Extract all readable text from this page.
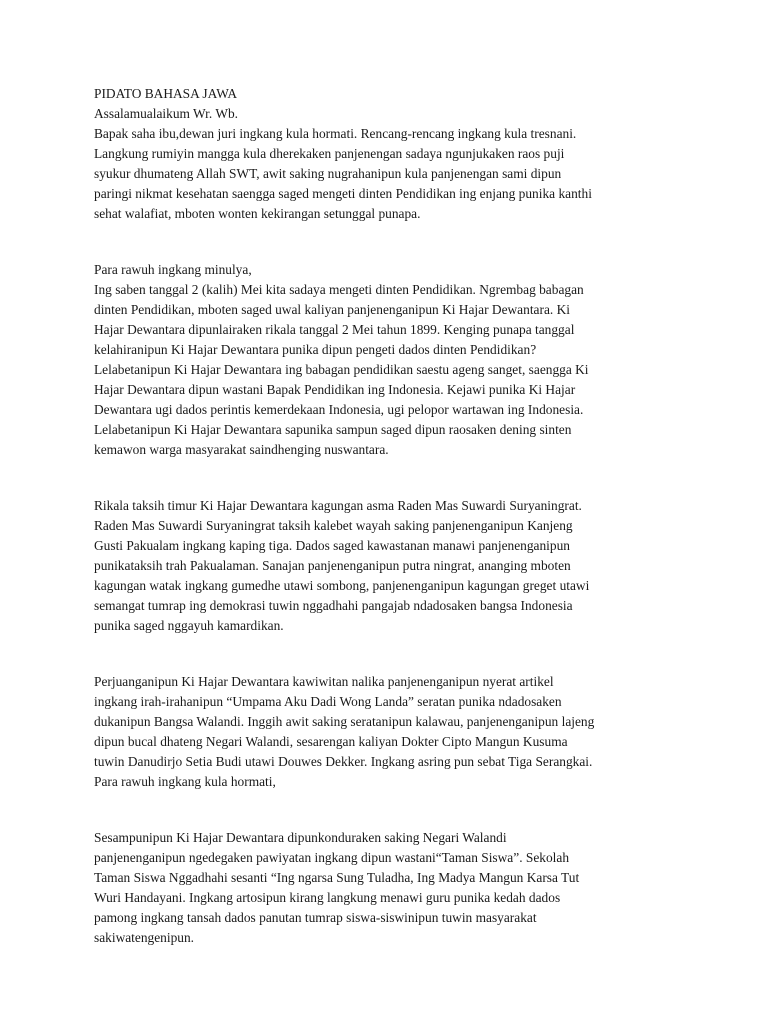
PIDATO BAHASA JAWA
Assalamualaikum Wr. Wb.
Bapak saha ibu,dewan juri ingkang kula hormati. Rencang-rencang ingkang kula tresnani.
Langkung rumiyin mangga kula dherekaken panjenengan sadaya ngunjukaken raos puji
syukur dhumateng Allah SWT, awit saking nugrahanipun kula panjenengan sami dipun
paringi nikmat kesehatan saengga saged mengeti dinten Pendidikan ing enjang punika kanthi
sehat walafiat, mboten wonten kekirangan setunggal punapa.
Para rawuh ingkang minulya,
Ing saben tanggal 2 (kalih) Mei kita sadaya mengeti dinten Pendidikan. Ngrembag babagan
dinten Pendidikan, mboten saged uwal kaliyan panjenenganipun Ki Hajar Dewantara. Ki
Hajar Dewantara dipunlairaken rikala tanggal 2 Mei tahun 1899. Kenging punapa tanggal
kelahiranipun Ki Hajar Dewantara punika dipun pengeti dados dinten Pendidikan?
Lelabetanipun Ki Hajar Dewantara ing babagan pendidikan saestu ageng sanget, saengga Ki
Hajar Dewantara dipun wastani Bapak Pendidikan ing Indonesia. Kejawi punika Ki Hajar
Dewantara ugi dados perintis kemerdekaan Indonesia, ugi pelopor wartawan ing Indonesia.
Lelabetanipun Ki Hajar Dewantara sapunika sampun saged dipun raosaken dening sinten
kemawon warga masyarakat saindhenging nuswantara.
Rikala taksih timur Ki Hajar Dewantara kagungan asma Raden Mas Suwardi Suryaningrat.
Raden Mas Suwardi Suryaningrat taksih kalebet wayah saking panjenenganipun Kanjeng
Gusti Pakualam ingkang kaping tiga. Dados saged kawastanan manawi panjenenganipun
punikataksih trah Pakualaman. Sanajan panjenenganipun putra ningrat, ananging mboten
kagungan watak ingkang gumedhe utawi sombong, panjenenganipun kagungan greget utawi
semangat tumrap ing demokrasi tuwin nggadhahi pangajab ndadosaken bangsa Indonesia
punika saged nggayuh kamardikan.
Perjuanganipun Ki Hajar Dewantara kawiwitan nalika panjenenganipun nyerat artikel
ingkang irah-irahanipun “Umpama Aku Dadi Wong Landa” seratan punika ndadosaken
dukanipun Bangsa Walandi. Inggih awit saking seratanipun kalawau, panjenenganipun lajeng
dipun bucal dhateng Negari Walandi, sesarengan kaliyan Dokter Cipto Mangun Kusuma
tuwin Danudirjo Setia Budi utawi Douwes Dekker. Ingkang asring pun sebat Tiga Serangkai.
Para rawuh ingkang kula hormati,
Sesampunipun Ki Hajar Dewantara dipunkonduraken saking Negari Walandi
panjenenganipun ngedegaken pawiyatan ingkang dipun wastani“Taman Siswa”. Sekolah
Taman Siswa Nggadhahi sesanti “Ing ngarsa Sung Tuladha, Ing Madya Mangun Karsa Tut
Wuri Handayani. Ingkang artosipun kirang langkung menawi guru punika kedah dados
pamong ingkang tansah dados panutan tumrap siswa-siswinipun tuwin masyarakat
sakiwatengenipun.
